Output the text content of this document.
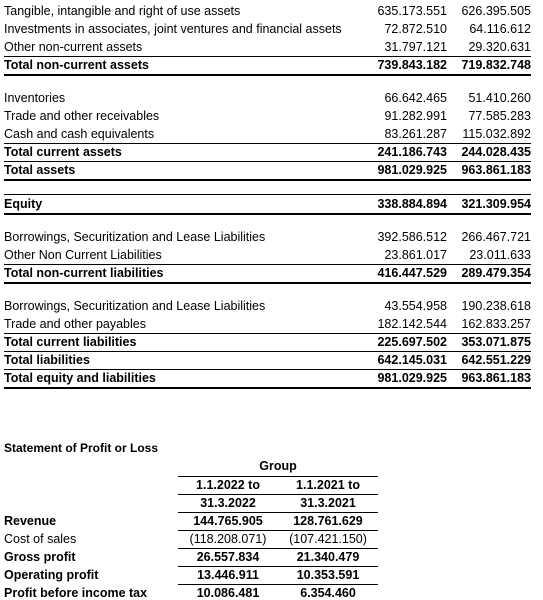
Tangible, intangible and right of use assets	635.173.551 626.395.505
Investments in associates, joint ventures and financial assets	72.872.510 64.116.612
Other non-current assets	31.797.121 29.320.631
Total non-current assets	739.843.182 719.832.748
Inventories	66.642.465 51.410.260
Trade and other receivables	91.282.991 77.585.283
Cash and cash equivalents	83.261.287 115.032.892
Total current assets	241.186.743 244.028.435
Total assets	981.029.925 963.861.183
Equity	338.884.894 321.309.954
Borrowings, Securitization and Lease Liabilities	392.586.512 266.467.721
Other Non Current Liabilities	23.861.017 23.011.633
Total non-current liabilities	416.447.529 289.479.354
Borrowings, Securitization and Lease Liabilities	43.554.958 190.238.618
Trade and other payables	182.142.544 162.833.257
Total current liabilities	225.697.502 353.071.875
Total liabilities	642.145.031 642.551.229
Total equity and liabilities	981.029.925 963.861.183
Statement of Profit or Loss
Group
1.1.2022 to	1.1.2021 to
31.3.2022	31.3.2021
Revenue	144.765.905	128.761.629
Cost of sales	(118.208.071)	(107.421.150)
Gross profit	26.557.834	21.340.479
Operating profit	13.446.911	10.353.591
Profit before income tax	10.086.481	6.354.460
